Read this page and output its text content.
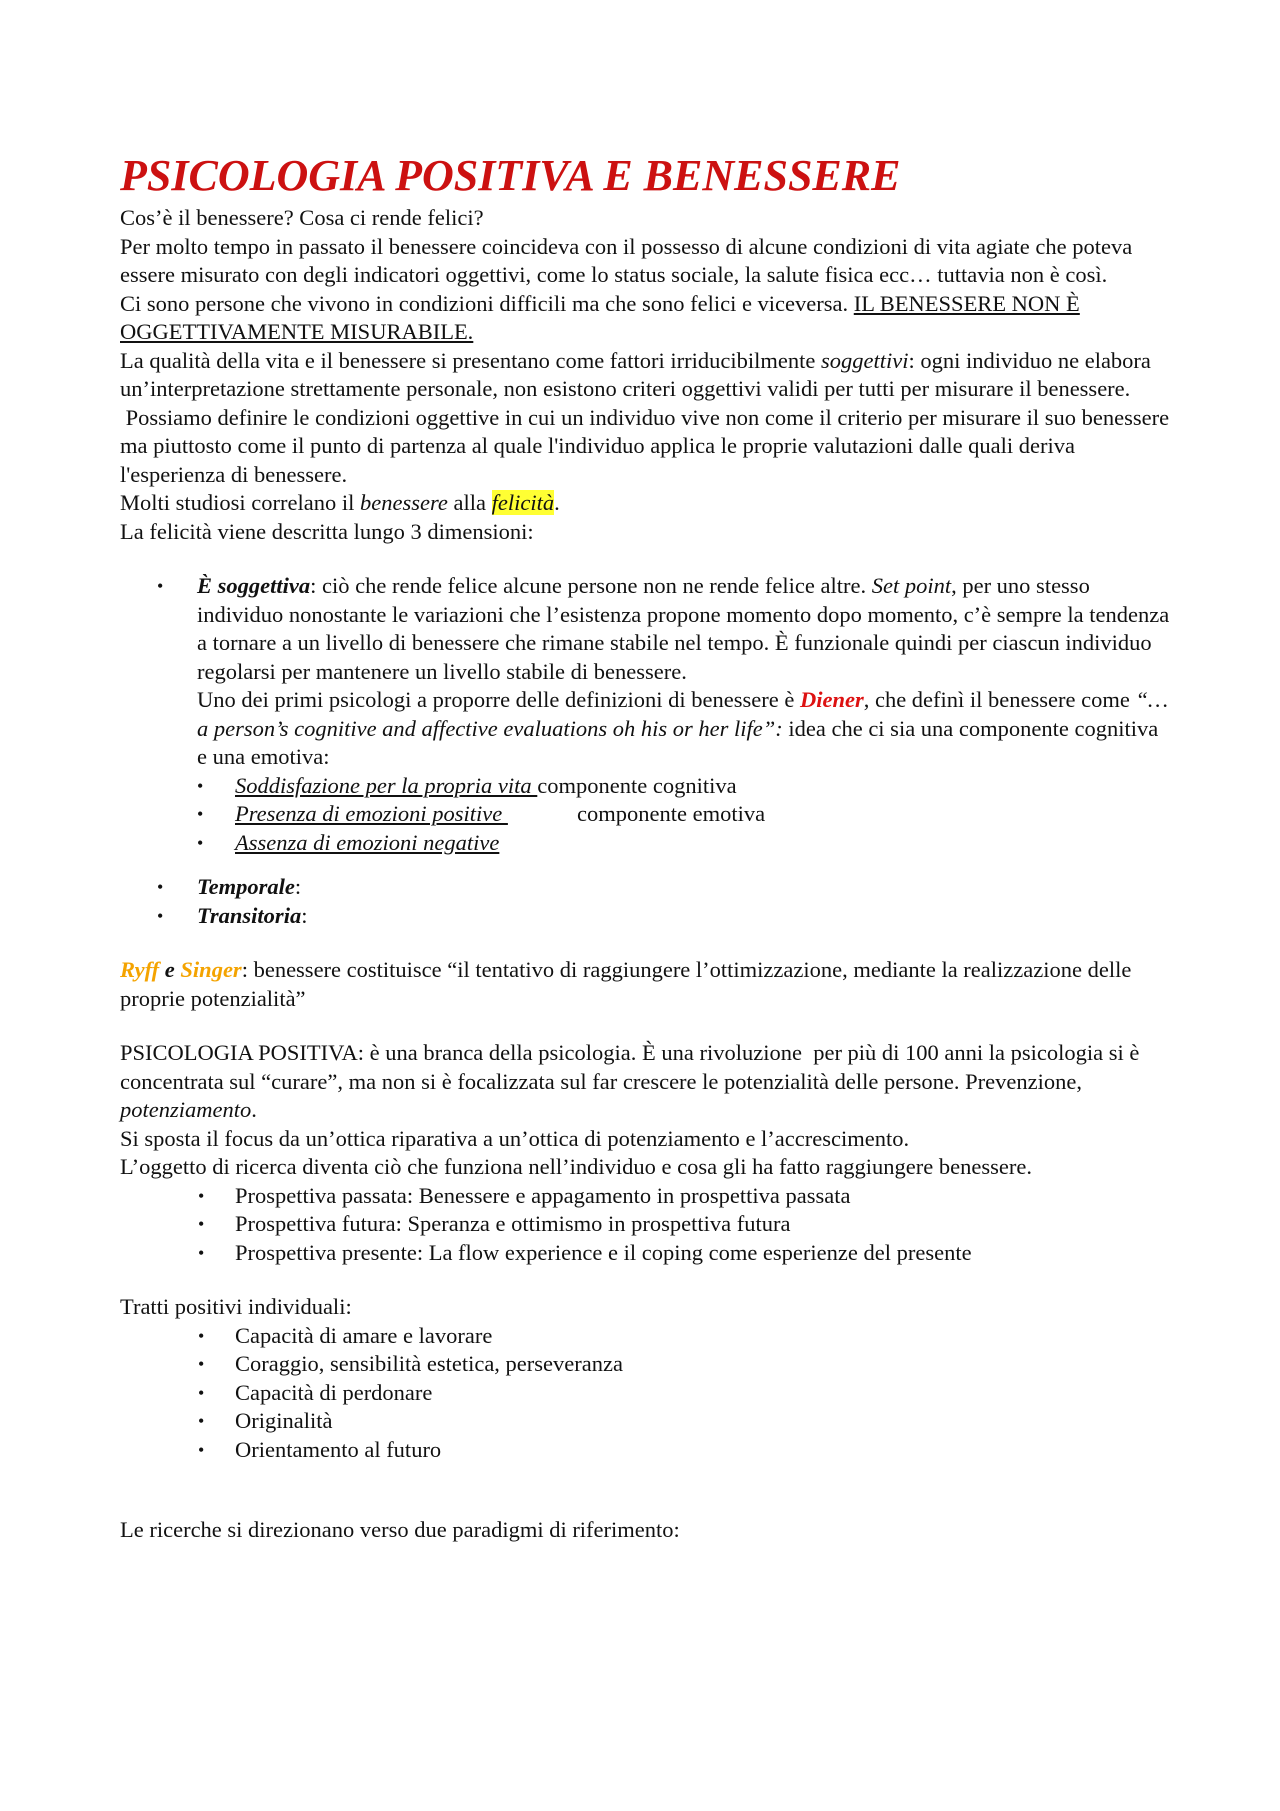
PSICOLOGIA POSITIVA E BENESSERE

Cos’è il benessere? Cosa ci rende felici?

Per molto tempo in passato il benessere coincideva con il possesso di alcune condizioni di vita agiate che poteva essere misurato con degli indicatori oggettivi, come lo status sociale, la salute fisica ecc… tuttavia non è così.

Ci sono persone che vivono in condizioni difficili ma che sono felici e viceversa. IL BENESSERE NON È OGGETTIVAMENTE MISURABILE.

La qualità della vita e il benessere si presentano come fattori irriducibilmente soggettivi: ogni individuo ne elabora un’interpretazione strettamente personale, non esistono criteri oggettivi validi per tutti per misurare il benessere.

Possiamo definire le condizioni oggettive in cui un individuo vive non come il criterio per misurare il suo benessere ma piuttosto come il punto di partenza al quale l'individuo applica le proprie valutazioni dalle quali deriva l'esperienza di benessere.

Molti studiosi correlano il benessere alla felicità.

La felicità viene descritta lungo 3 dimensioni:

• È soggettiva: ciò che rende felice alcune persone non ne rende felice altre. Set point, per uno stesso individuo nonostante le variazioni che l’esistenza propone momento dopo momento, c’è sempre la tendenza a tornare a un livello di benessere che rimane stabile nel tempo. È funzionale quindi per ciascun individuo regolarsi per mantenere un livello stabile di benessere.

Uno dei primi psicologi a proporre delle definizioni di benessere è Diener, che definì il benessere come “… a person’s cognitive and affective evaluations oh his or her life”: idea che ci sia una componente cognitiva e una emotiva:

• Soddisfazione per la propria vita componente cognitiva
• Presenza di emozioni positive	componente emotiva
• Assenza di emozioni negative
• Temporale:
• Transitoria:

Ryff e Singer: benessere costituisce “il tentativo di raggiungere l’ottimizzazione, mediante la realizzazione delle proprie potenzialità”

PSICOLOGIA POSITIVA: è una branca della psicologia. È una rivoluzione  per più di 100 anni la psicologia si è concentrata sul “curare”, ma non si è focalizzata sul far crescere le potenzialità delle persone. Prevenzione, potenziamento.

Si sposta il focus da un’ottica riparativa a un’ottica di potenziamento e l’accrescimento.

L’oggetto di ricerca diventa ciò che funziona nell’individuo e cosa gli ha fatto raggiungere benessere.

• Prospettiva passata: Benessere e appagamento in prospettiva passata
• Prospettiva futura: Speranza e ottimismo in prospettiva futura
• Prospettiva presente: La flow experience e il coping come esperienze del presente

Tratti positivi individuali:

• Capacità di amare e lavorare
• Coraggio, sensibilità estetica, perseveranza
• Capacità di perdonare
• Originalità
• Orientamento al futuro

Le ricerche si direzionano verso due paradigmi di riferimento:
